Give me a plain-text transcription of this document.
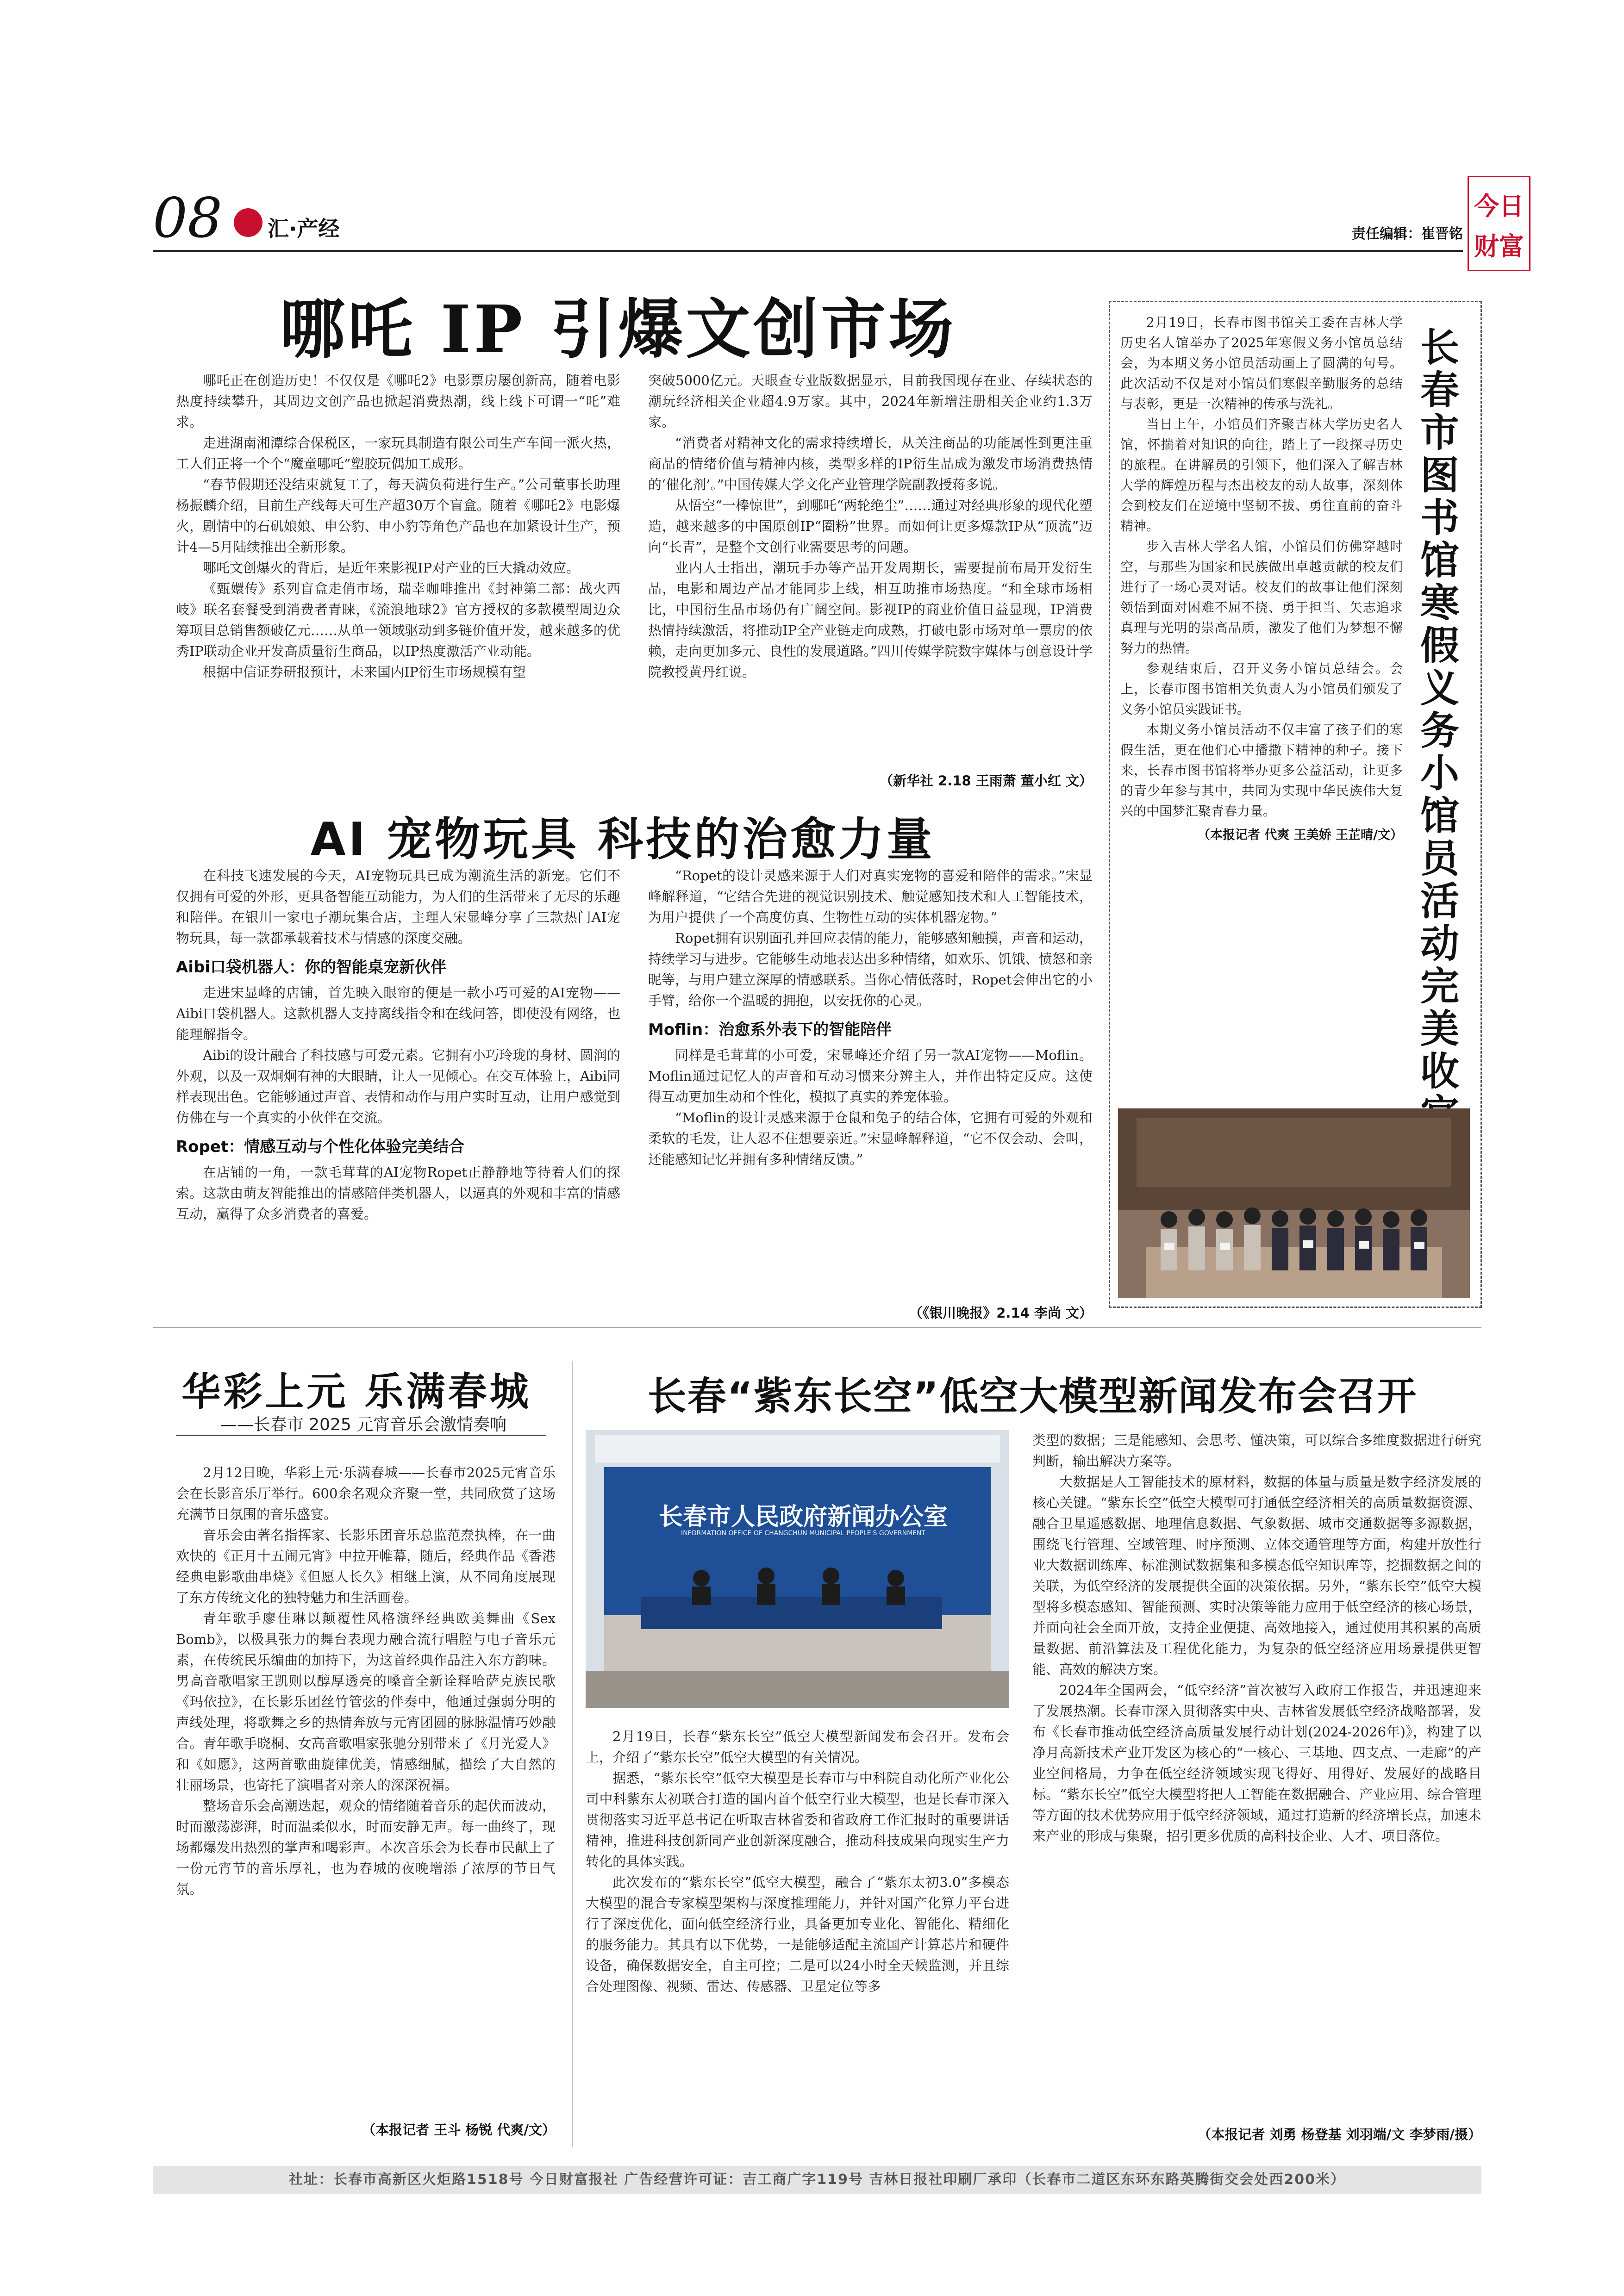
08 汇·产经	责任编辑：崔晋铭
今日
财富
哪吒 IP 引爆文创市场

哪吒正在创造历史！不仅仅是《哪吒2》电影票房屡创新高，随着电影热度持续攀升，其周边文创产品也掀起消费热潮，线上线下可谓一“吒”难求。

走进湖南湘潭综合保税区，一家玩具制造有限公司生产车间一派火热，工人们正将一个个“魔童哪吒”塑胶玩偶加工成形。

“春节假期还没结束就复工了，每天满负荷进行生产。”公司董事长助理杨振麟介绍，目前生产线每天可生产超30万个盲盒。随着《哪吒2》电影爆火，剧情中的石矶娘娘、申公豹、申小豹等角色产品也在加紧设计生产，预计4—5月陆续推出全新形象。

哪吒文创爆火的背后，是近年来影视IP对产业的巨大撬动效应。

《甄嬛传》系列盲盒走俏市场，瑞幸咖啡推出《封神第二部：战火西岐》联名套餐受到消费者青睐，《流浪地球2》官方授权的多款模型周边众筹项目总销售额破亿元……从单一领域驱动到多链价值开发，越来越多的优秀IP联动企业开发高质量衍生商品，以IP热度激活产业动能。

根据中信证券研报预计，未来国内IP衍生市场规模有望

突破5000亿元。天眼查专业版数据显示，目前我国现存在业、存续状态的潮玩经济相关企业超4.9万家。其中，2024年新增注册相关企业约1.3万家。

“消费者对精神文化的需求持续增长，从关注商品的功能属性到更注重商品的情绪价值与精神内核，类型多样的IP衍生品成为激发市场消费热情的‘催化剂’。”中国传媒大学文化产业管理学院副教授蒋多说。

从悟空“一棒惊世”，到哪吒“两轮绝尘”……通过对经典形象的现代化塑造，越来越多的中国原创IP“圈粉”世界。而如何让更多爆款IP从“顶流”迈向“长青”，是整个文创行业需要思考的问题。

业内人士指出，潮玩手办等产品开发周期长，需要提前布局开发衍生品，电影和周边产品才能同步上线，相互助推市场热度。“和全球市场相比，中国衍生品市场仍有广阔空间。影视IP的商业价值日益显现，IP消费热情持续激活，将推动IP全产业链走向成熟，打破电影市场对单一票房的依赖，走向更加多元、良性的发展道路。”四川传媒学院数字媒体与创意设计学院教授黄丹红说。

（新华社 2.18 王雨萧 董小红 文）
AI 宠物玩具 科技的治愈力量

在科技飞速发展的今天，AI宠物玩具已成为潮流生活的新宠。它们不仅拥有可爱的外形，更具备智能互动能力，为人们的生活带来了无尽的乐趣和陪伴。在银川一家电子潮玩集合店，主理人宋显峰分享了三款热门AI宠物玩具，每一款都承载着技术与情感的深度交融。

Aibi口袋机器人：你的智能桌宠新伙伴

走进宋显峰的店铺，首先映入眼帘的便是一款小巧可爱的AI宠物——Aibi口袋机器人。这款机器人支持离线指令和在线问答，即使没有网络，也能理解指令。

Aibi的设计融合了科技感与可爱元素。它拥有小巧玲珑的身材、圆润的外观，以及一双炯炯有神的大眼睛，让人一见倾心。在交互体验上，Aibi同样表现出色。它能够通过声音、表情和动作与用户实时互动，让用户感觉到仿佛在与一个真实的小伙伴在交流。

Ropet：情感互动与个性化体验完美结合

在店铺的一角，一款毛茸茸的AI宠物Ropet正静静地等待着人们的探索。这款由萌友智能推出的情感陪伴类机器人，以逼真的外观和丰富的情感互动，赢得了众多消费者的喜爱。

“Ropet的设计灵感来源于人们对真实宠物的喜爱和陪伴的需求。”宋显峰解释道，“它结合先进的视觉识别技术、触觉感知技术和人工智能技术，为用户提供了一个高度仿真、生物性互动的实体机器宠物。”

Ropet拥有识别面孔并回应表情的能力，能够感知触摸，声音和运动，持续学习与进步。它能够生动地表达出多种情绪，如欢乐、饥饿、愤怒和亲昵等，与用户建立深厚的情感联系。当你心情低落时，Ropet会伸出它的小手臂，给你一个温暖的拥抱，以安抚你的心灵。

Moflin：治愈系外表下的智能陪伴

同样是毛茸茸的小可爱，宋显峰还介绍了另一款AI宠物——Moflin。Moflin通过记忆人的声音和互动习惯来分辨主人，并作出特定反应。这使得互动更加生动和个性化，模拟了真实的养宠体验。

“Moflin的设计灵感来源于仓鼠和兔子的结合体，它拥有可爱的外观和柔软的毛发，让人忍不住想要亲近。”宋显峰解释道，“它不仅会动、会叫，还能感知记忆并拥有多种情绪反馈。”

（《银川晚报》2.14 李尚 文）

2月19日，长春市图书馆关工委在吉林大学历史名人馆举办了2025年寒假义务小馆员总结会，为本期义务小馆员活动画上了圆满的句号。此次活动不仅是对小馆员们寒假辛勤服务的总结与表彰，更是一次精神的传承与洗礼。

当日上午，小馆员们齐聚吉林大学历史名人馆，怀揣着对知识的向往，踏上了一段探寻历史的旅程。在讲解员的引领下，他们深入了解吉林大学的辉煌历程与杰出校友的动人故事，深刻体会到校友们在逆境中坚韧不拔、勇往直前的奋斗精神。

步入吉林大学名人馆，小馆员们仿佛穿越时空，与那些为国家和民族做出卓越贡献的校友们进行了一场心灵对话。校友们的故事让他们深刻领悟到面对困难不屈不挠、勇于担当、矢志追求真理与光明的崇高品质，激发了他们为梦想不懈努力的热情。

参观结束后，召开义务小馆员总结会。会上，长春市图书馆相关负责人为小馆员们颁发了义务小馆员实践证书。

本期义务小馆员活动不仅丰富了孩子们的寒假生活，更在他们心中播撒下精神的种子。接下来，长春市图书馆将举办更多公益活动，让更多的青少年参与其中，共同为实现中华民族伟大复兴的中国梦汇聚青春力量。

（本报记者 代爽 王美娇 王芷晴/文）
长
春
市
图
书
馆
寒
假
义
务
小
馆
员
活
动
完
美
收
华彩上元 乐满春城
——长春市 2025 元宵音乐会激情奏响

2月12日晚，华彩上元·乐满春城——长春市2025元宵音乐会在长影音乐厅举行。600余名观众齐聚一堂，共同欣赏了这场充满节日氛围的音乐盛宴。

音乐会由著名指挥家、长影乐团音乐总监范焘执棒，在一曲欢快的《正月十五闹元宵》中拉开帷幕，随后，经典作品《香港经典电影歌曲串烧》《但愿人长久》相继上演，从不同角度展现了东方传统文化的独特魅力和生活画卷。

青年歌手廖佳琳以颠覆性风格演绎经典欧美舞曲《Sex Bomb》，以极具张力的舞台表现力融合流行唱腔与电子音乐元素，在传统民乐编曲的加持下，为这首经典作品注入东方韵味。男高音歌唱家王凯则以醇厚透亮的嗓音全新诠释哈萨克族民歌《玛依拉》，在长影乐团丝竹管弦的伴奏中，他通过强弱分明的声线处理，将歌舞之乡的热情奔放与元宵团圆的脉脉温情巧妙融合。青年歌手晓桐、女高音歌唱家张驰分别带来了《月光爱人》和《如愿》，这两首歌曲旋律优美，情感细腻，描绘了大自然的壮丽场景，也寄托了演唱者对亲人的深深祝福。

整场音乐会高潮迭起，观众的情绪随着音乐的起伏而波动，时而激荡澎湃，时而温柔似水，时而安静无声。每一曲终了，现场都爆发出热烈的掌声和喝彩声。本次音乐会为长春市民献上了一份元宵节的音乐厚礼，也为春城的夜晚增添了浓厚的节日气氛。

（本报记者 王斗 杨锐 代爽/文）
长春“紫东长空”低空大模型新闻发布会召开
长春市人民政府新闻办公室
INFORMATION OFFICE OF CHANGCHUN MUNICIPAL PEOPLE'S GOVERNMENT

2月19日，长春“紫东长空”低空大模型新闻发布会召开。发布会上，介绍了“紫东长空”低空大模型的有关情况。

据悉，“紫东长空”低空大模型是长春市与中科院自动化所产业化公司中科紫东太初联合打造的国内首个低空行业大模型，也是长春市深入贯彻落实习近平总书记在听取吉林省委和省政府工作汇报时的重要讲话精神，推进科技创新同产业创新深度融合，推动科技成果向现实生产力转化的具体实践。

此次发布的“紫东长空”低空大模型，融合了“紫东太初3.0”多模态大模型的混合专家模型架构与深度推理能力，并针对国产化算力平台进行了深度优化，面向低空经济行业，具备更加专业化、智能化、精细化的服务能力。其具有以下优势，一是能够适配主流国产计算芯片和硬件设备，确保数据安全，自主可控；二是可以24小时全天候监测，并且综合处理图像、视频、雷达、传感器、卫星定位等多

类型的数据；三是能感知、会思考、懂决策，可以综合多维度数据进行研究判断，输出解决方案等。

大数据是人工智能技术的原材料，数据的体量与质量是数字经济发展的核心关键。“紫东长空”低空大模型可打通低空经济相关的高质量数据资源、融合卫星遥感数据、地理信息数据、气象数据、城市交通数据等多源数据，围绕飞行管理、空域管理、时序预测、立体交通管理等方面，构建开放性行业大数据训练库、标准测试数据集和多模态低空知识库等，挖掘数据之间的关联，为低空经济的发展提供全面的决策依据。另外，“紫东长空”低空大模型将多模态感知、智能预测、实时决策等能力应用于低空经济的核心场景，并面向社会全面开放，支持企业便捷、高效地接入，通过使用其积累的高质量数据、前沿算法及工程优化能力，为复杂的低空经济应用场景提供更智能、高效的解决方案。

2024年全国两会，“低空经济”首次被写入政府工作报告，并迅速迎来了发展热潮。长春市深入贯彻落实中央、吉林省发展低空经济战略部署，发布《长春市推动低空经济高质量发展行动计划(2024-2026年)》，构建了以净月高新技术产业开发区为核心的“一核心、三基地、四支点、一走廊”的产业空间格局，力争在低空经济领域实现飞得好、用得好、发展好的战略目标。“紫东长空”低空大模型将把人工智能在数据融合、产业应用、综合管理等方面的技术优势应用于低空经济领域，通过打造新的经济增长点，加速未来产业的形成与集聚，招引更多优质的高科技企业、人才、项目落位。

（本报记者 刘勇 杨登基 刘羽端/文 李梦雨/摄）
社址：长春市高新区火炬路1518号 今日财富报社 广告经营许可证：吉工商广字119号 吉林日报社印刷厂承印（长春市二道区东环东路英腾街交会处西200米）
